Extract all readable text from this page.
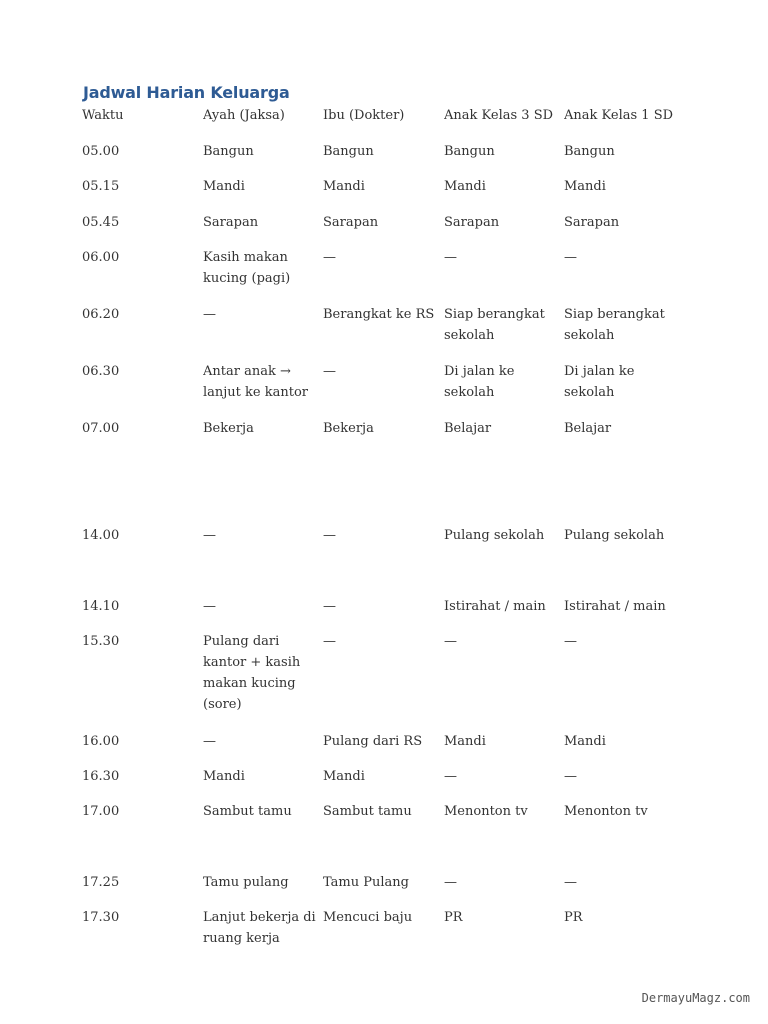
Jadwal Harian Keluarga
Waktu	Ayah (Jaksa)	Ibu (Dokter)	Anak Kelas 3 SD	Anak Kelas 1 SD
05.00	Bangun	Bangun	Bangun	Bangun
05.15	Mandi	Mandi	Mandi	Mandi
05.45	Sarapan	Sarapan	Sarapan	Sarapan
06.00	Kasih makan kucing (pagi)	—	—	—
06.20	—	Berangkat ke RS	Siap berangkat sekolah	Siap berangkat sekolah
06.30	Antar anak → lanjut ke kantor	—	Di jalan ke sekolah	Di jalan ke sekolah
07.00	Bekerja	Bekerja	Belajar	Belajar
14.00	—	—	Pulang sekolah	Pulang sekolah
14.10	—	—	Istirahat / main	Istirahat / main
15.30	Pulang dari kantor + kasih makan kucing (sore)	—	—	—
16.00	—	Pulang dari RS	Mandi	Mandi
16.30	Mandi	Mandi	—	—
17.00	Sambut tamu	Sambut tamu	Menonton tv	Menonton tv
17.25	Tamu pulang	Tamu Pulang	—	—
17.30	Lanjut bekerja di ruang kerja	Mencuci baju	PR	PR
DermayuMagz.com
